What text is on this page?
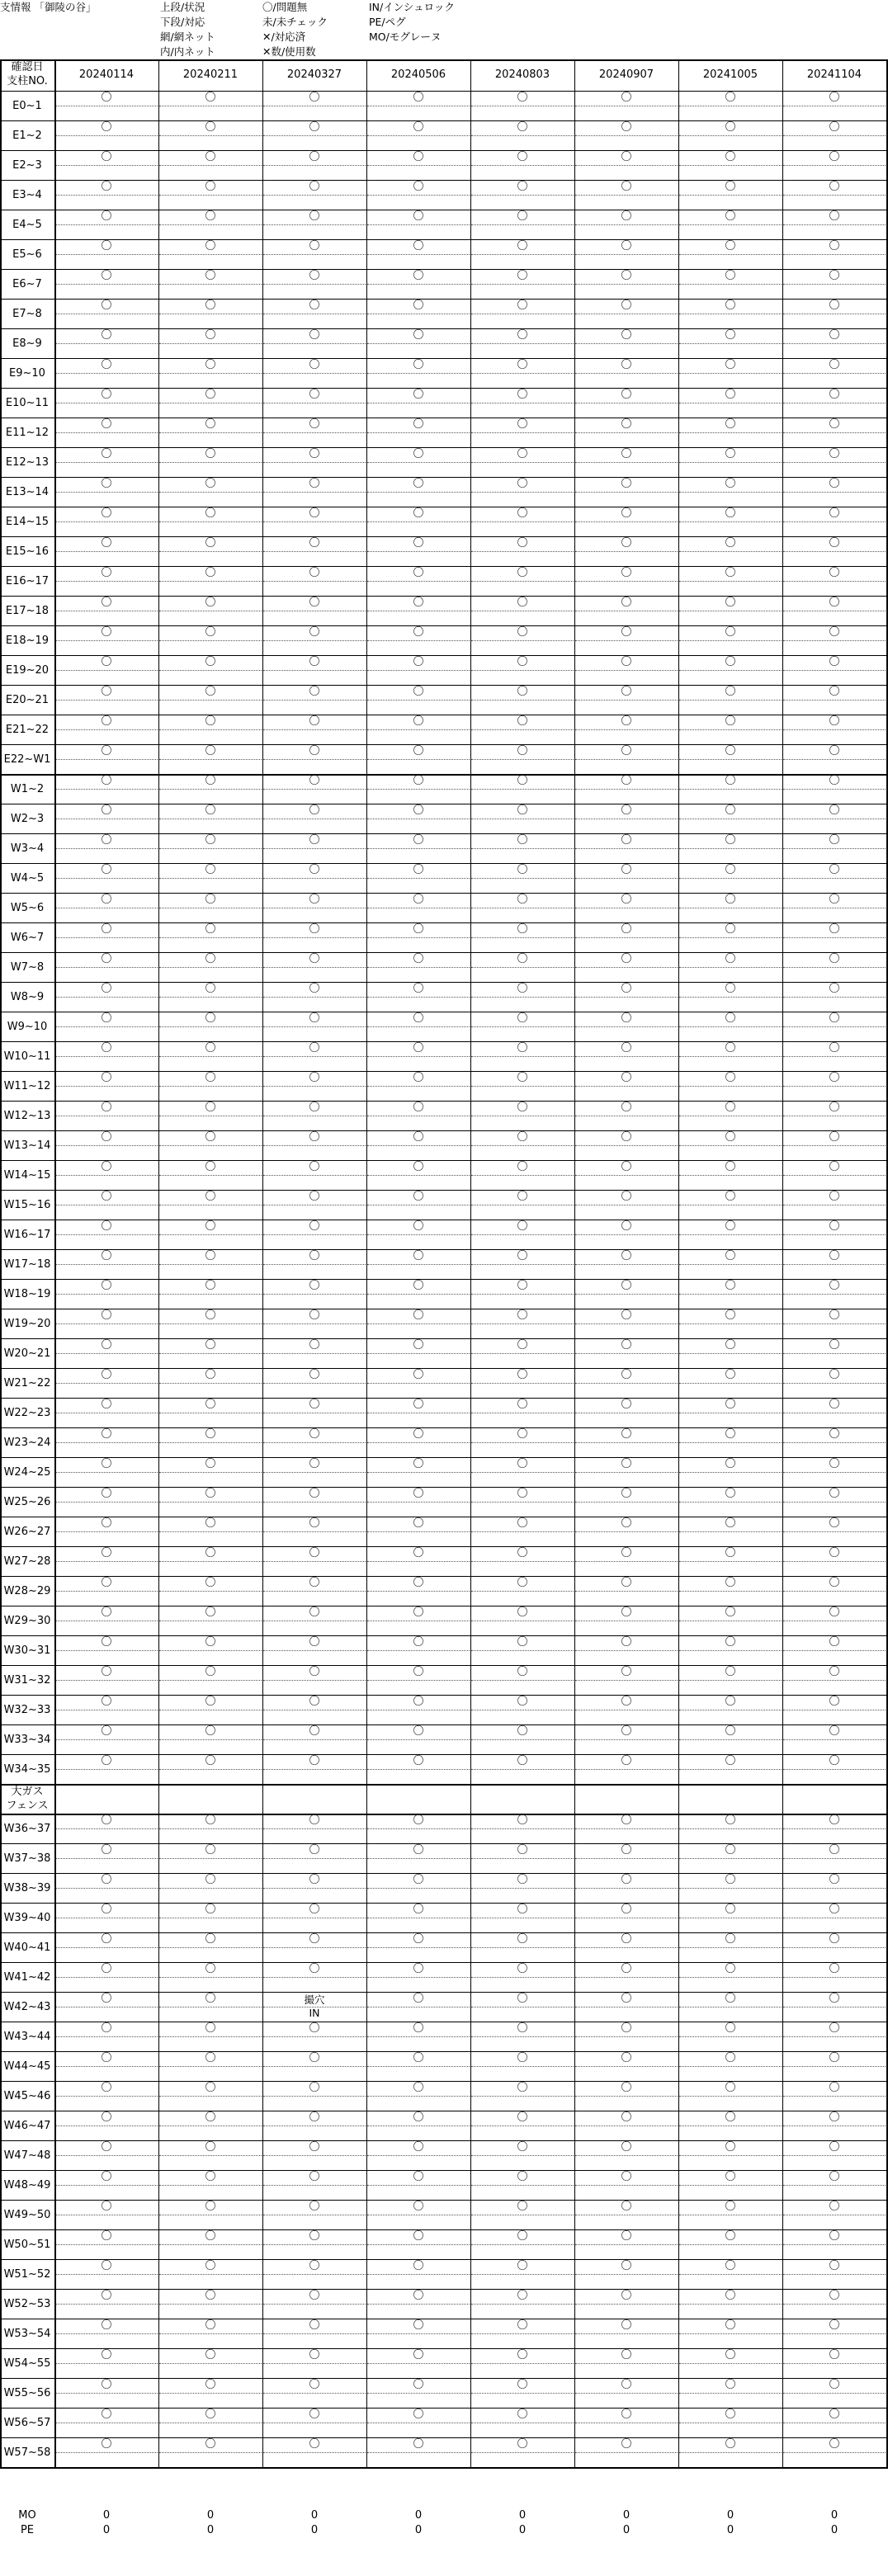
支情報 「御陵の谷」	上段/状況
下段/対応
網/網ネット
内/内ネット
〇/問題無
未/未チェック
✕/対応済
✕数/使用数
IN/インシュロック
PE/ペグ
MO/モグレーヌ
確認日
支柱NO.
20240114	20240211	20240327	20240506	20240803	20240907	20241005	20241104
E0~1
〇	〇	〇	〇	〇	〇	〇	〇
E1~2
〇	〇	〇	〇	〇	〇	〇	〇
E2~3
〇	〇	〇	〇	〇	〇	〇	〇
E3~4
〇	〇	〇	〇	〇	〇	〇	〇
E4~5
〇	〇	〇	〇	〇	〇	〇	〇
E5~6
〇	〇	〇	〇	〇	〇	〇	〇
E6~7
〇	〇	〇	〇	〇	〇	〇	〇
E7~8
〇	〇	〇	〇	〇	〇	〇	〇
E8~9
〇	〇	〇	〇	〇	〇	〇	〇
E9~10
〇	〇	〇	〇	〇	〇	〇	〇
E10~11
〇	〇	〇	〇	〇	〇	〇	〇
E11~12
〇	〇	〇	〇	〇	〇	〇	〇
E12~13
〇	〇	〇	〇	〇	〇	〇	〇
E13~14
〇	〇	〇	〇	〇	〇	〇	〇
E14~15
〇	〇	〇	〇	〇	〇	〇	〇
E15~16
〇	〇	〇	〇	〇	〇	〇	〇
E16~17
〇	〇	〇	〇	〇	〇	〇	〇
E17~18
〇	〇	〇	〇	〇	〇	〇	〇
E18~19
〇	〇	〇	〇	〇	〇	〇	〇
E19~20
〇	〇	〇	〇	〇	〇	〇	〇
E20~21
〇	〇	〇	〇	〇	〇	〇	〇
E21~22
〇	〇	〇	〇	〇	〇	〇	〇
E22~W1
〇	〇	〇	〇	〇	〇	〇	〇
W1~2
〇	〇	〇	〇	〇	〇	〇	〇
W2~3
〇	〇	〇	〇	〇	〇	〇	〇
W3~4
〇	〇	〇	〇	〇	〇	〇	〇
W4~5
〇	〇	〇	〇	〇	〇	〇	〇
W5~6
〇	〇	〇	〇	〇	〇	〇	〇
W6~7
〇	〇	〇	〇	〇	〇	〇	〇
W7~8
〇	〇	〇	〇	〇	〇	〇	〇
W8~9
〇	〇	〇	〇	〇	〇	〇	〇
W9~10
〇	〇	〇	〇	〇	〇	〇	〇
W10~11
〇	〇	〇	〇	〇	〇	〇	〇
W11~12
〇	〇	〇	〇	〇	〇	〇	〇
W12~13
〇	〇	〇	〇	〇	〇	〇	〇
W13~14
〇	〇	〇	〇	〇	〇	〇	〇
W14~15
〇	〇	〇	〇	〇	〇	〇	〇
W15~16
〇	〇	〇	〇	〇	〇	〇	〇
W16~17
〇	〇	〇	〇	〇	〇	〇	〇
W17~18
〇	〇	〇	〇	〇	〇	〇	〇
W18~19
〇	〇	〇	〇	〇	〇	〇	〇
W19~20
〇	〇	〇	〇	〇	〇	〇	〇
W20~21
〇	〇	〇	〇	〇	〇	〇	〇
W21~22
〇	〇	〇	〇	〇	〇	〇	〇
W22~23
〇	〇	〇	〇	〇	〇	〇	〇
W23~24
〇	〇	〇	〇	〇	〇	〇	〇
W24~25
〇	〇	〇	〇	〇	〇	〇	〇
W25~26
〇	〇	〇	〇	〇	〇	〇	〇
W26~27
〇	〇	〇	〇	〇	〇	〇	〇
W27~28
〇	〇	〇	〇	〇	〇	〇	〇
W28~29
〇	〇	〇	〇	〇	〇	〇	〇
W29~30
〇	〇	〇	〇	〇	〇	〇	〇
W30~31
〇	〇	〇	〇	〇	〇	〇	〇
W31~32
〇	〇	〇	〇	〇	〇	〇	〇
W32~33
〇	〇	〇	〇	〇	〇	〇	〇
W33~34
〇	〇	〇	〇	〇	〇	〇	〇
W34~35
〇	〇	〇	〇	〇	〇	〇	〇
大ガス
フェンス
W36~37
〇	〇	〇	〇	〇	〇	〇	〇
W37~38
〇	〇	〇	〇	〇	〇	〇	〇
W38~39
〇	〇	〇	〇	〇	〇	〇	〇
W39~40
〇	〇	〇	〇	〇	〇	〇	〇
W40~41
〇	〇	〇	〇	〇	〇	〇	〇
W41~42
〇	〇	〇	〇	〇	〇	〇	〇
W42~43
〇	〇	撮穴
IN
〇	〇	〇	〇	〇
W43~44
〇	〇	〇	〇	〇	〇	〇	〇
W44~45
〇	〇	〇	〇	〇	〇	〇	〇
W45~46
〇	〇	〇	〇	〇	〇	〇	〇
W46~47
〇	〇	〇	〇	〇	〇	〇	〇
W47~48
〇	〇	〇	〇	〇	〇	〇	〇
W48~49
〇	〇	〇	〇	〇	〇	〇	〇
W49~50
〇	〇	〇	〇	〇	〇	〇	〇
W50~51
〇	〇	〇	〇	〇	〇	〇	〇
W51~52
〇	〇	〇	〇	〇	〇	〇	〇
W52~53
〇	〇	〇	〇	〇	〇	〇	〇
W53~54
〇	〇	〇	〇	〇	〇	〇	〇
W54~55
〇	〇	〇	〇	〇	〇	〇	〇
W55~56
〇	〇	〇	〇	〇	〇	〇	〇
W56~57
〇	〇	〇	〇	〇	〇	〇	〇
W57~58
〇	〇	〇	〇	〇	〇	〇	〇
MO	0	0	0	0	0	0	0	0
PE	0	0	0	0	0	0	0	0
